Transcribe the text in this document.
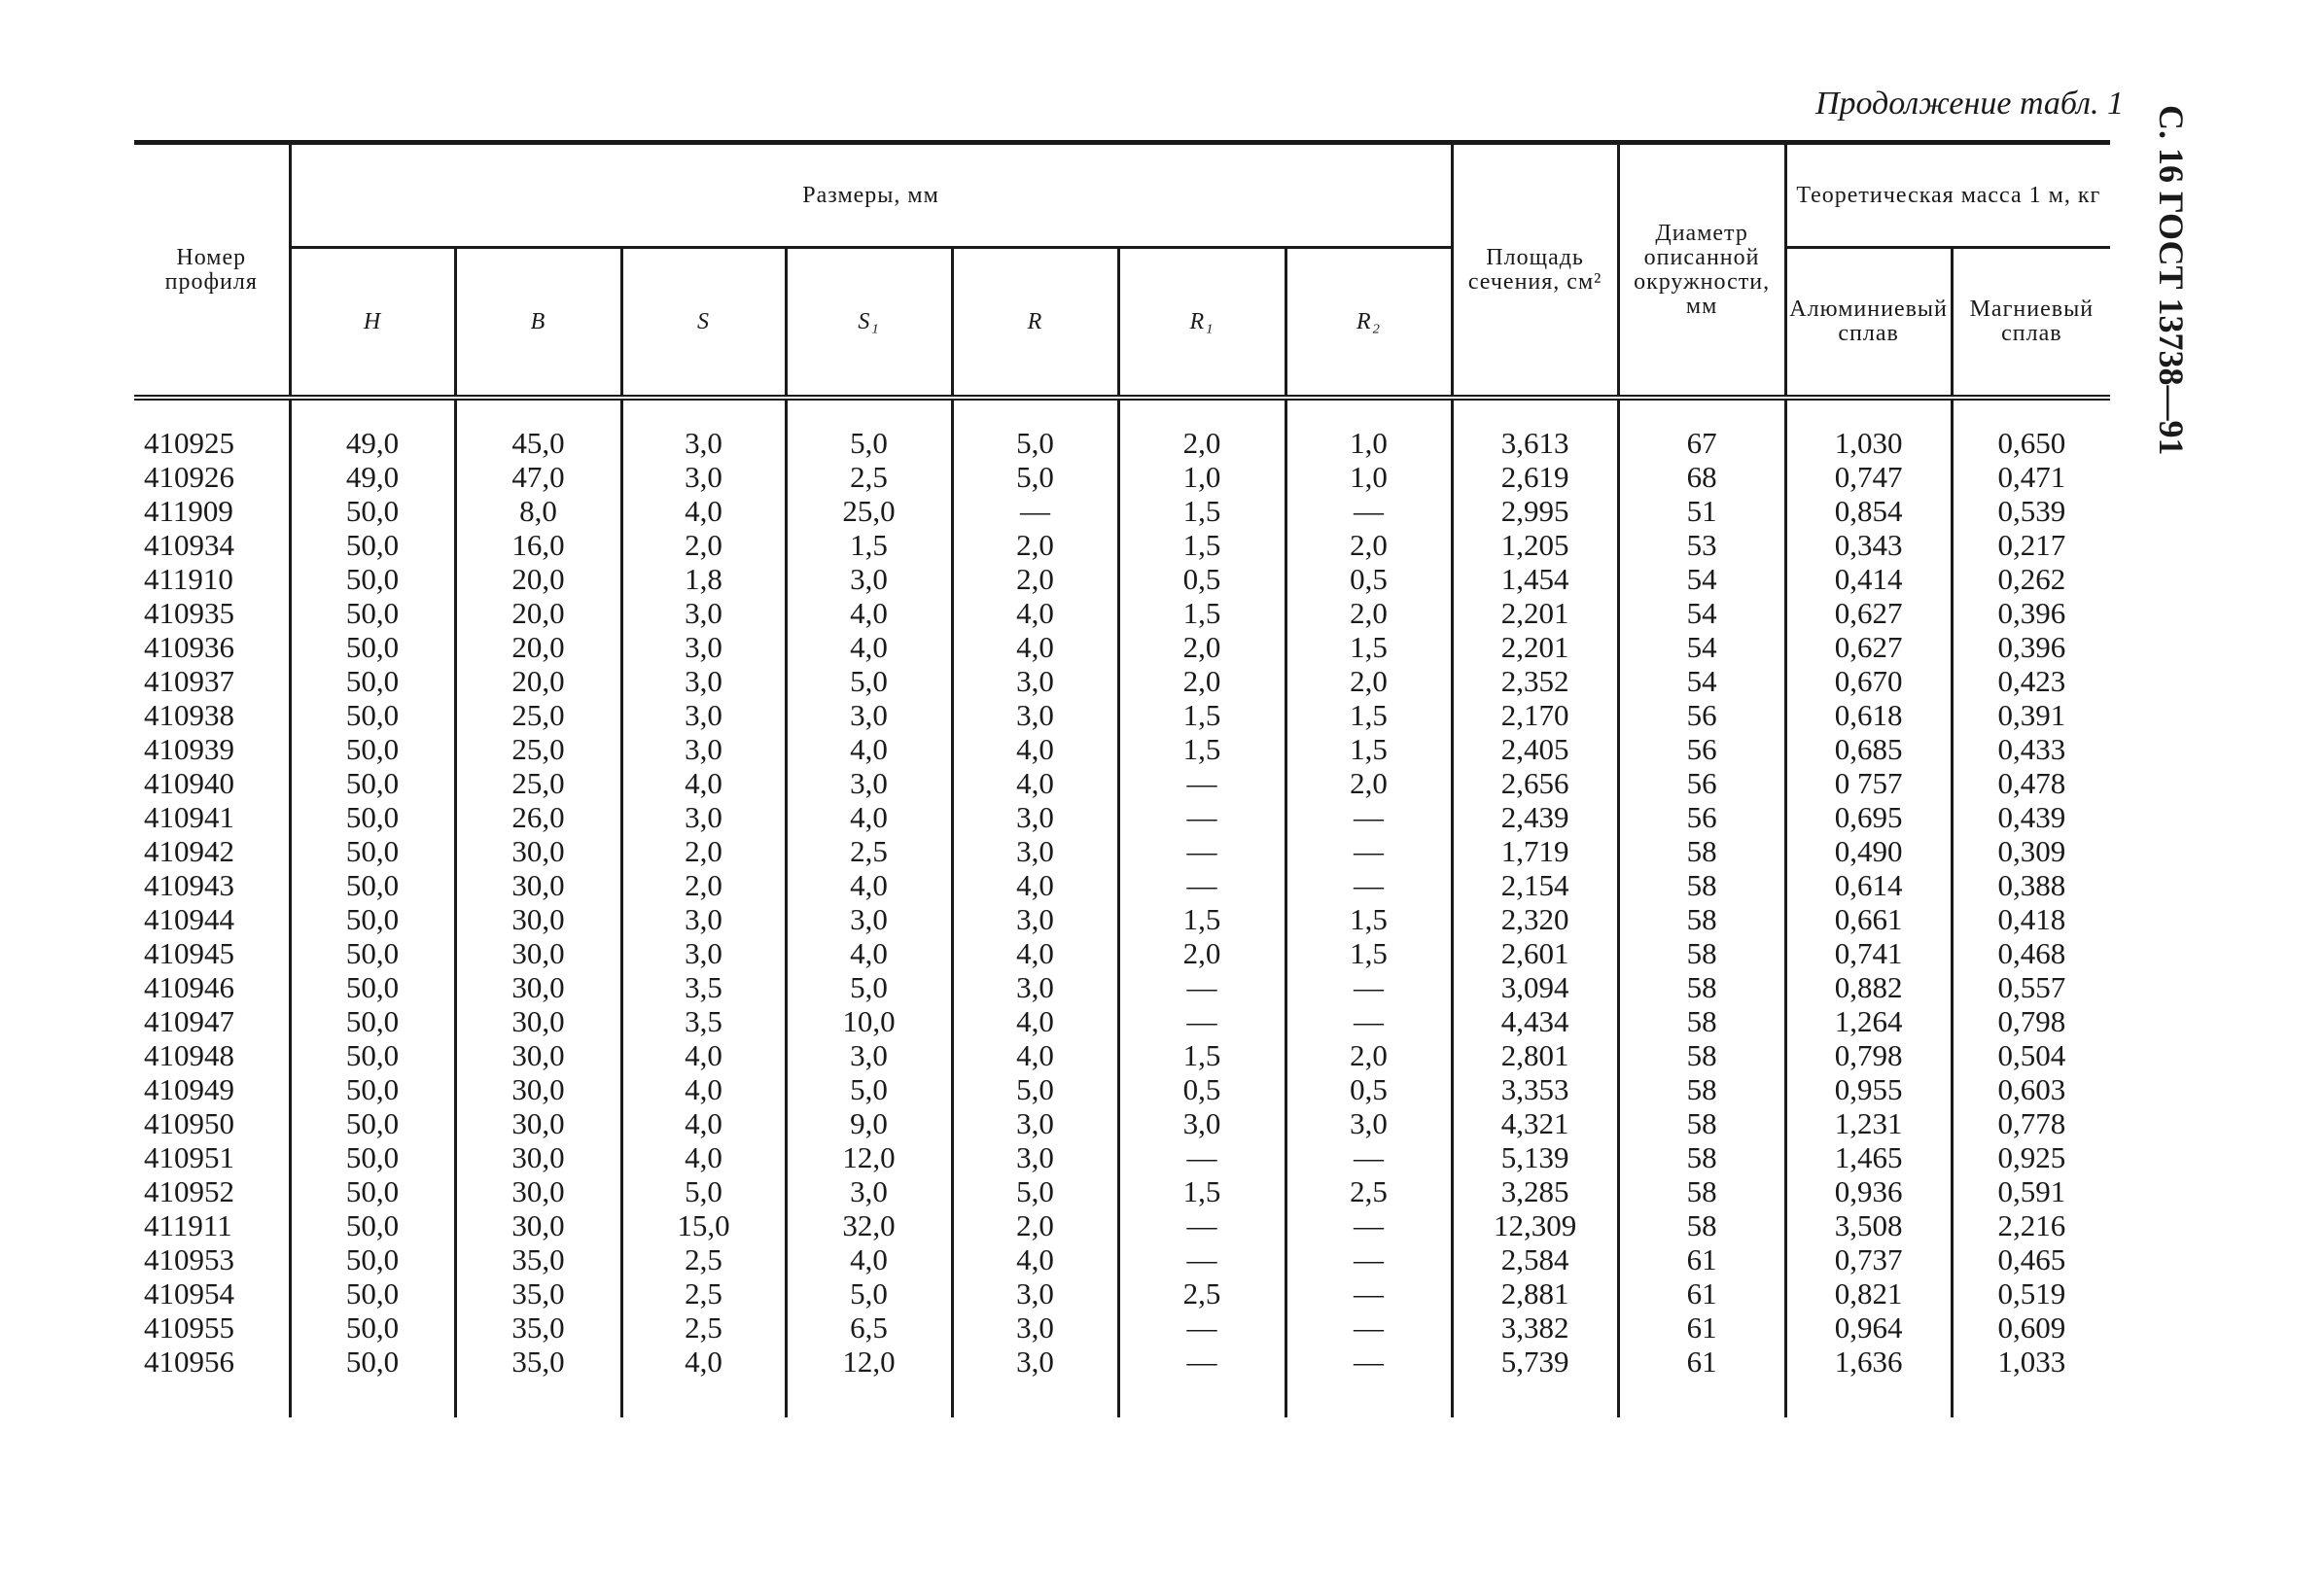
Продолжение табл. 1
С. 16 ГОСТ 13738—91
Номер профиля	Размеры, мм							Площадь сечения, см²	Диаметр описанной окружности, мм	Теоретическая масса 1 м, кг	
	H	B	S	S₁	R	R₁	R₂			Алюминиевый сплав	Магниевый сплав

410925	49,0	45,0	3,0	5,0	5,0	2,0	1,0	3,613	67	1,030	0,650
410926	49,0	47,0	3,0	2,5	5,0	1,0	1,0	2,619	68	0,747	0,471
411909	50,0	8,0	4,0	25,0	—	1,5	—	2,995	51	0,854	0,539
410934	50,0	16,0	2,0	1,5	2,0	1,5	2,0	1,205	53	0,343	0,217
411910	50,0	20,0	1,8	3,0	2,0	0,5	0,5	1,454	54	0,414	0,262
410935	50,0	20,0	3,0	4,0	4,0	1,5	2,0	2,201	54	0,627	0,396
410936	50,0	20,0	3,0	4,0	4,0	2,0	1,5	2,201	54	0,627	0,396
410937	50,0	20,0	3,0	5,0	3,0	2,0	2,0	2,352	54	0,670	0,423
410938	50,0	25,0	3,0	3,0	3,0	1,5	1,5	2,170	56	0,618	0,391
410939	50,0	25,0	3,0	4,0	4,0	1,5	1,5	2,405	56	0,685	0,433
410940	50,0	25,0	4,0	3,0	4,0	—	2,0	2,656	56	0 757	0,478
410941	50,0	26,0	3,0	4,0	3,0	—	—	2,439	56	0,695	0,439
410942	50,0	30,0	2,0	2,5	3,0	—	—	1,719	58	0,490	0,309
410943	50,0	30,0	2,0	4,0	4,0	—	—	2,154	58	0,614	0,388
410944	50,0	30,0	3,0	3,0	3,0	1,5	1,5	2,320	58	0,661	0,418
410945	50,0	30,0	3,0	4,0	4,0	2,0	1,5	2,601	58	0,741	0,468
410946	50,0	30,0	3,5	5,0	3,0	—	—	3,094	58	0,882	0,557
410947	50,0	30,0	3,5	10,0	4,0	—	—	4,434	58	1,264	0,798
410948	50,0	30,0	4,0	3,0	4,0	1,5	2,0	2,801	58	0,798	0,504
410949	50,0	30,0	4,0	5,0	5,0	0,5	0,5	3,353	58	0,955	0,603
410950	50,0	30,0	4,0	9,0	3,0	3,0	3,0	4,321	58	1,231	0,778
410951	50,0	30,0	4,0	12,0	3,0	—	—	5,139	58	1,465	0,925
410952	50,0	30,0	5,0	3,0	5,0	1,5	2,5	3,285	58	0,936	0,591
411911	50,0	30,0	15,0	32,0	2,0	—	—	12,309	58	3,508	2,216
410953	50,0	35,0	2,5	4,0	4,0	—	—	2,584	61	0,737	0,465
410954	50,0	35,0	2,5	5,0	3,0	2,5	—	2,881	61	0,821	0,519
410955	50,0	35,0	2,5	6,5	3,0	—	—	3,382	61	0,964	0,609
410956	50,0	35,0	4,0	12,0	3,0	—	—	5,739	61	1,636	1,033
